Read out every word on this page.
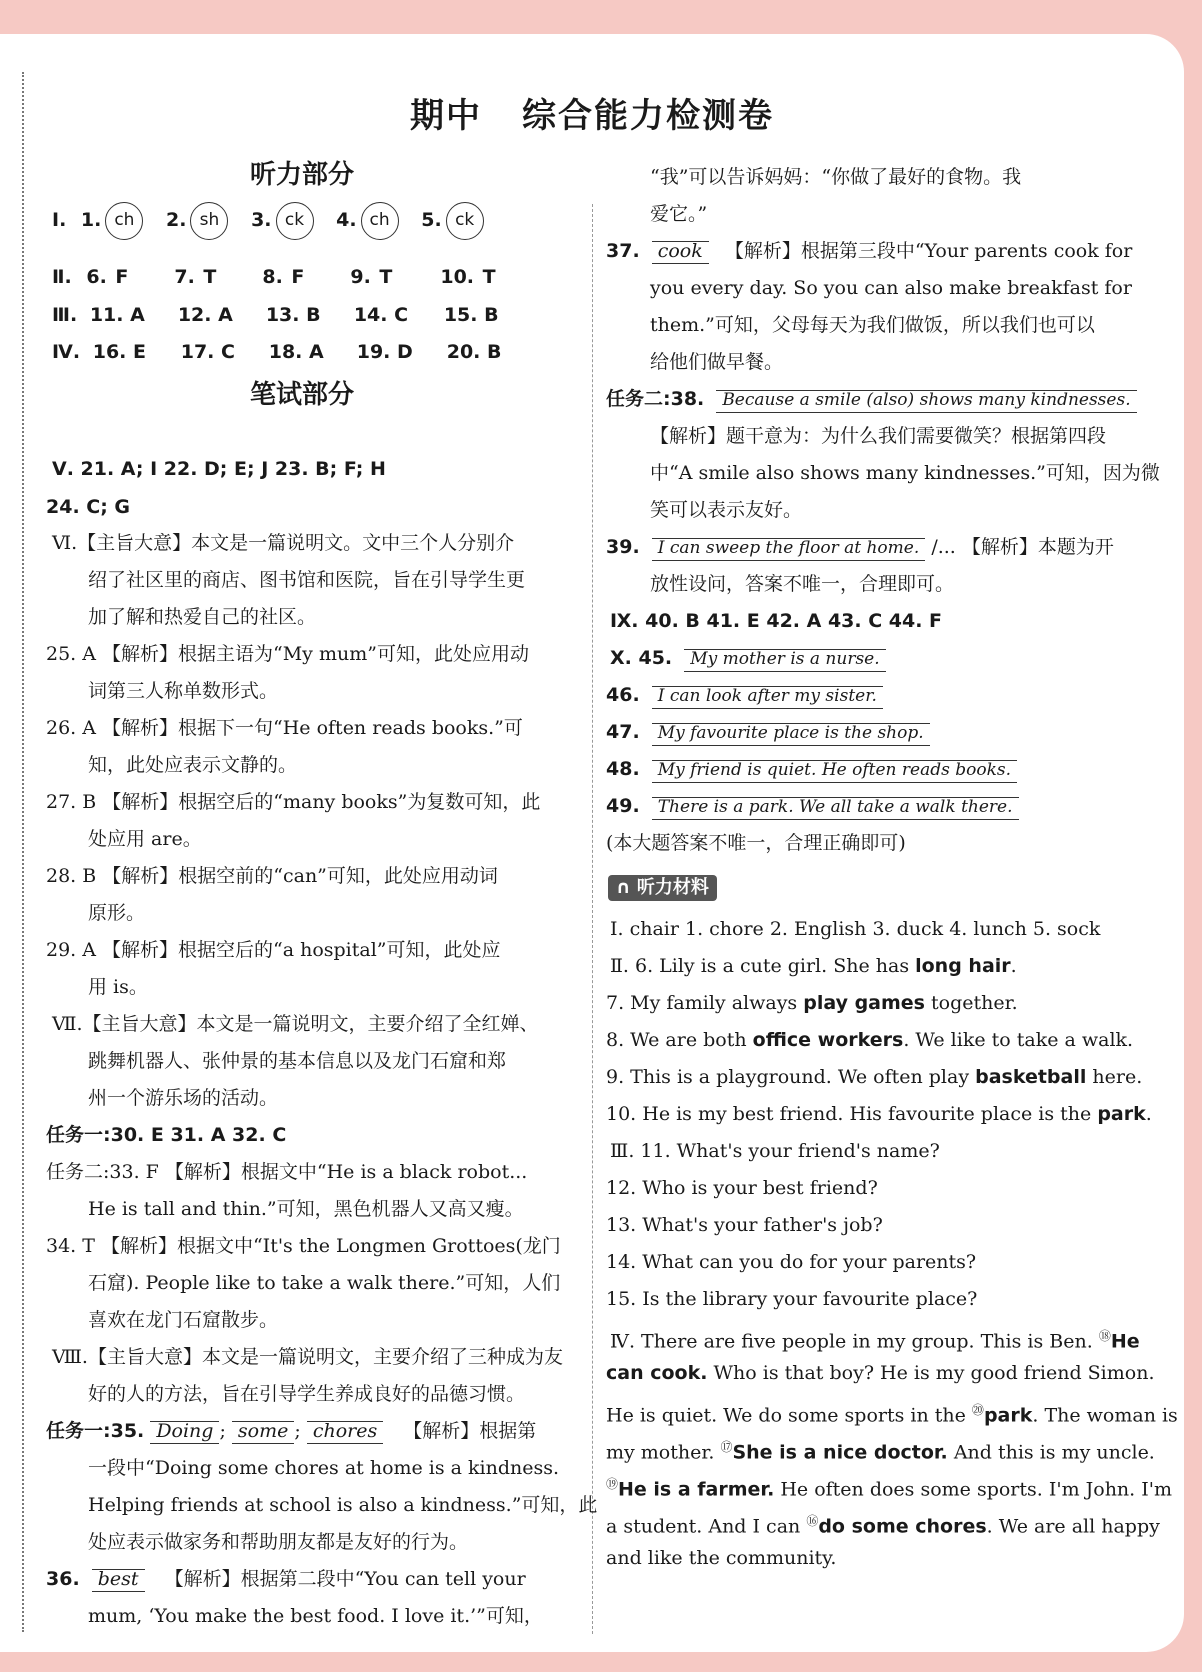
期中 综合能力检测卷
听力部分
Ⅰ. 1. ch 2. sh 3. ck 4. ch 5. ck
Ⅱ. 6. F 7. T 8. F 9. T	10. T
Ⅲ. 11. A 12. A 13. B 14. C 15. B
Ⅳ. 16. E 17. C 18. A 19. D 20. B
笔试部分
Ⅴ. 21. A; I 22. D; E; J 23. B; F; H
24. C; G
Ⅵ.【主旨大意】本文是一篇说明文。文中三个人分别介
绍了社区里的商店、图书馆和医院，旨在引导学生更
加了解和热爱自己的社区。
25. A 【解析】根据主语为“My mum”可知，此处应用动
词第三人称单数形式。
26. A 【解析】根据下一句“He often reads books.”可
知，此处应表示文静的。
27. B 【解析】根据空后的“many books”为复数可知，此
处应用 are。
28. B 【解析】根据空前的“can”可知，此处应用动词
原形。
29. A 【解析】根据空后的“a hospital”可知，此处应
用 is。
Ⅶ.【主旨大意】本文是一篇说明文，主要介绍了全红婵、
跳舞机器人、张仲景的基本信息以及龙门石窟和郑
州一个游乐场的活动。
任务一:30. E 31. A 32. C
任务二:33. F 【解析】根据文中“He is a black robot...
He is tall and thin.”可知，黑色机器人又高又瘦。
34. T 【解析】根据文中“It's the Longmen Grottoes(龙门
石窟). People like to take a walk there.”可知，人们
喜欢在龙门石窟散步。
Ⅷ.【主旨大意】本文是一篇说明文，主要介绍了三种成为友
好的人的方法，旨在引导学生养成良好的品德习惯。
任务一:35. Doing ; some ; chores 【解析】根据第
一段中“Doing some chores at home is a kindness.
Helping friends at school is also a kindness.”可知，此
处应表示做家务和帮助朋友都是友好的行为。
36. best 【解析】根据第二段中“You can tell your
mum, ‘You make the best food. I love it.’”可知，
“我”可以告诉妈妈：“你做了最好的食物。我
爱它。”
37. cook 【解析】根据第三段中“Your parents cook for
you every day. So you can also make breakfast for
them.”可知，父母每天为我们做饭，所以我们也可以
给他们做早餐。
任务二:38. Because a smile (also) shows many kindnesses.
【解析】题干意为：为什么我们需要微笑？根据第四段
中“A smile also shows many kindnesses.”可知，因为微
笑可以表示友好。
39. I can sweep the floor at home. /... 【解析】本题为开
放性设问，答案不唯一，合理即可。
Ⅸ. 40. B 41. E 42. A 43. C 44. F
Ⅹ. 45. My mother is a nurse.
46. I can look after my sister.
47. My favourite place is the shop.
48. My friend is quiet. He often reads books.
49. There is a park. We all take a walk there.
(本大题答案不唯一，合理正确即可)
∩ 听力材料
Ⅰ. chair 1. chore 2. English 3. duck 4. lunch 5. sock
Ⅱ. 6. Lily is a cute girl. She has long hair.
7. My family always play games together.
8. We are both office workers. We like to take a walk.
9. This is a playground. We often play basketball here.
10. He is my best friend. His favourite place is the park.
Ⅲ. 11. What's your friend's name?
12. Who is your best friend?
13. What's your father's job?
14. What can you do for your parents?
15. Is the library your favourite place?
Ⅳ. There are five people in my group. This is Ben. ⑱He
can cook. Who is that boy? He is my good friend Simon.
He is quiet. We do some sports in the ⑳park. The woman is
my mother. ⑰She is a nice doctor. And this is my uncle.
⑲He is a farmer. He often does some sports. I'm John. I'm
a student. And I can ⑯do some chores. We are all happy
and like the community.
